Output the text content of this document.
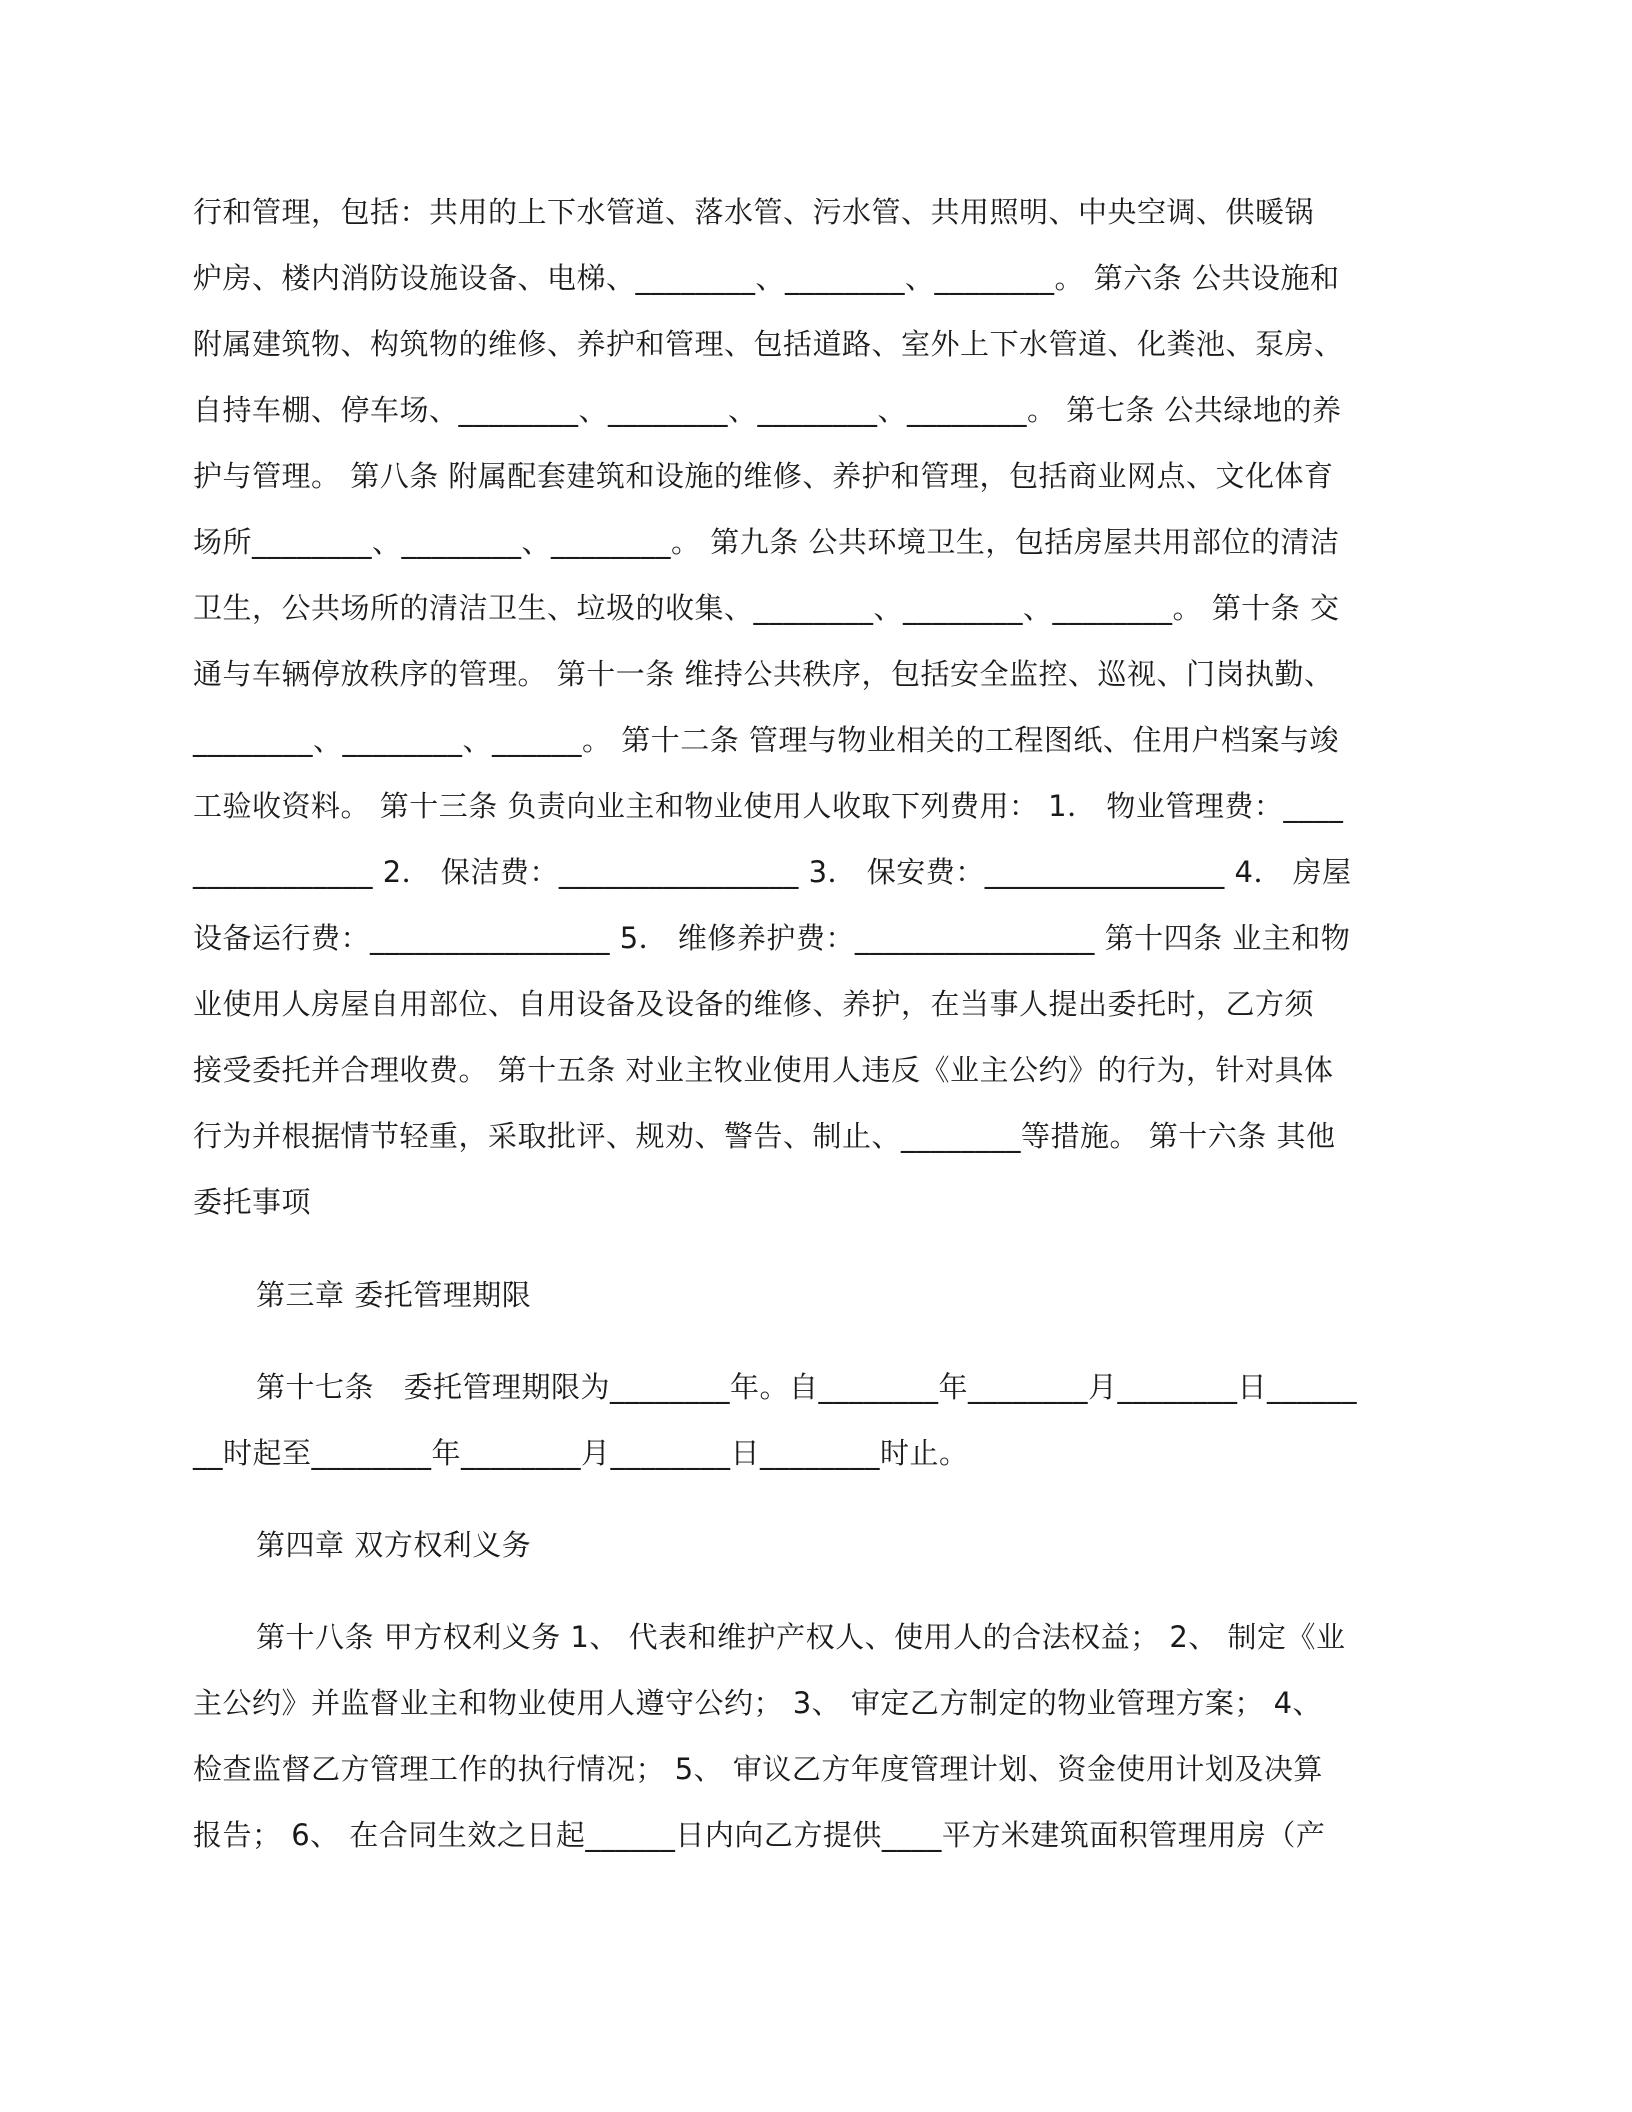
行和管理，包括：共用的上下水管道、落水管、污水管、共用照明、中央空调、供暖锅
炉房、楼内消防设施设备、电梯、________、________、________。 第六条 公共设施和
附属建筑物、构筑物的维修、养护和管理、包括道路、室外上下水管道、化粪池、泵房、
自持车棚、停车场、________、________、________、________。 第七条 公共绿地的养
护与管理。 第八条 附属配套建筑和设施的维修、养护和管理，包括商业网点、文化体育
场所________、________、________。 第九条 公共环境卫生，包括房屋共用部位的清洁
卫生，公共场所的清洁卫生、垃圾的收集、________、________、________。 第十条 交
通与车辆停放秩序的管理。 第十一条 维持公共秩序，包括安全监控、巡视、门岗执勤、
________、________、______。 第十二条 管理与物业相关的工程图纸、住用户档案与竣
工验收资料。 第十三条 负责向业主和物业使用人收取下列费用： 1． 物业管理费：____
____________ 2． 保洁费：________________ 3． 保安费：________________ 4． 房屋
设备运行费：________________ 5． 维修养护费：________________ 第十四条 业主和物
业使用人房屋自用部位、自用设备及设备的维修、养护，在当事人提出委托时，乙方须
接受委托并合理收费。 第十五条 对业主牧业使用人违反《业主公约》的行为，针对具体
行为并根据情节轻重，采取批评、规劝、警告、制止、________等措施。 第十六条 其他
委托事项
第三章 委托管理期限
第十七条　委托管理期限为________年。自________年________月________日______
__时起至________年________月________日________时止。
第四章 双方权利义务
第十八条 甲方权利义务 1、 代表和维护产权人、使用人的合法权益； 2、 制定《业
主公约》并监督业主和物业使用人遵守公约； 3、 审定乙方制定的物业管理方案； 4、
检查监督乙方管理工作的执行情况； 5、 审议乙方年度管理计划、资金使用计划及决算
报告； 6、 在合同生效之日起______日内向乙方提供____平方米建筑面积管理用房（产
